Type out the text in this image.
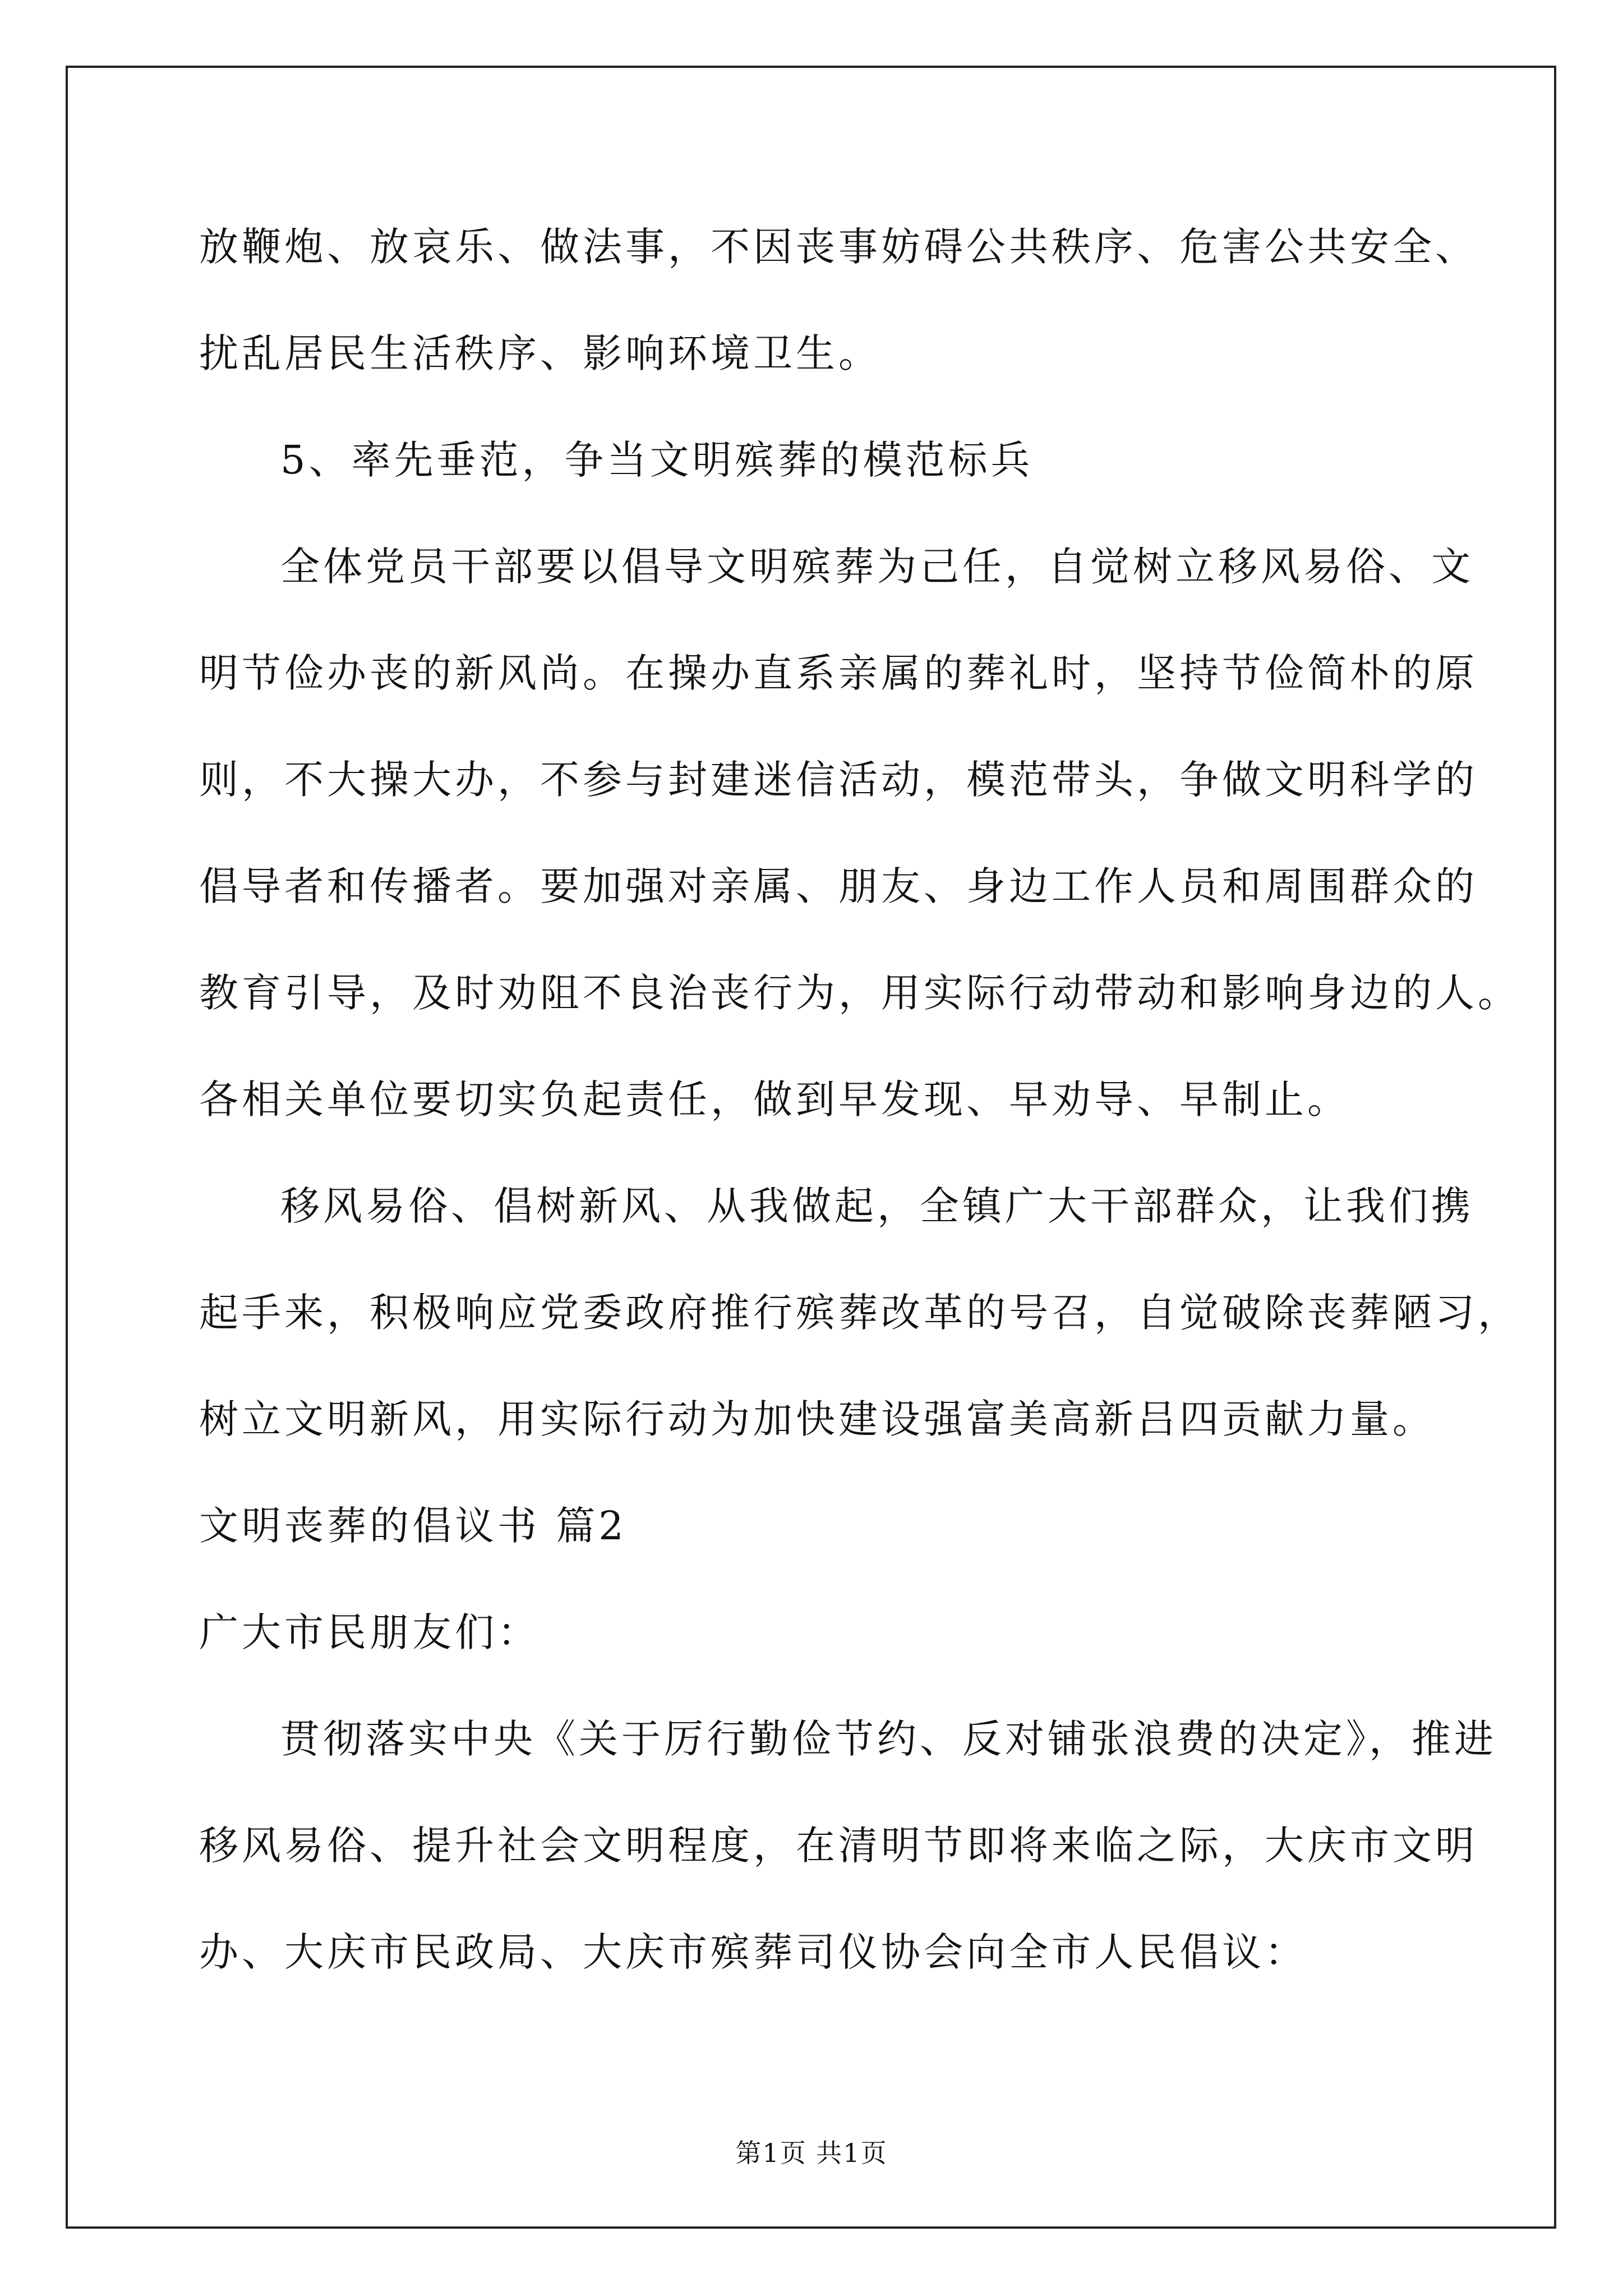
放鞭炮、放哀乐、做法事，不因丧事妨碍公共秩序、危害公共安全、
扰乱居民生活秩序、影响环境卫生。
5、率先垂范，争当文明殡葬的模范标兵
全体党员干部要以倡导文明殡葬为己任，自觉树立移风易俗、文
明节俭办丧的新风尚。在操办直系亲属的葬礼时，坚持节俭简朴的原
则，不大操大办，不参与封建迷信活动，模范带头，争做文明科学的
倡导者和传播者。要加强对亲属、朋友、身边工作人员和周围群众的
教育引导，及时劝阻不良治丧行为，用实际行动带动和影响身边的人。
各相关单位要切实负起责任，做到早发现、早劝导、早制止。
移风易俗、倡树新风、从我做起，全镇广大干部群众，让我们携
起手来，积极响应党委政府推行殡葬改革的号召，自觉破除丧葬陋习，
树立文明新风，用实际行动为加快建设强富美高新吕四贡献力量。
文明丧葬的倡议书 篇2
广大市民朋友们：
贯彻落实中央《关于厉行勤俭节约、反对铺张浪费的决定》，推进
移风易俗、提升社会文明程度，在清明节即将来临之际，大庆市文明
办、大庆市民政局、大庆市殡葬司仪协会向全市人民倡议：
第1页 共1页
